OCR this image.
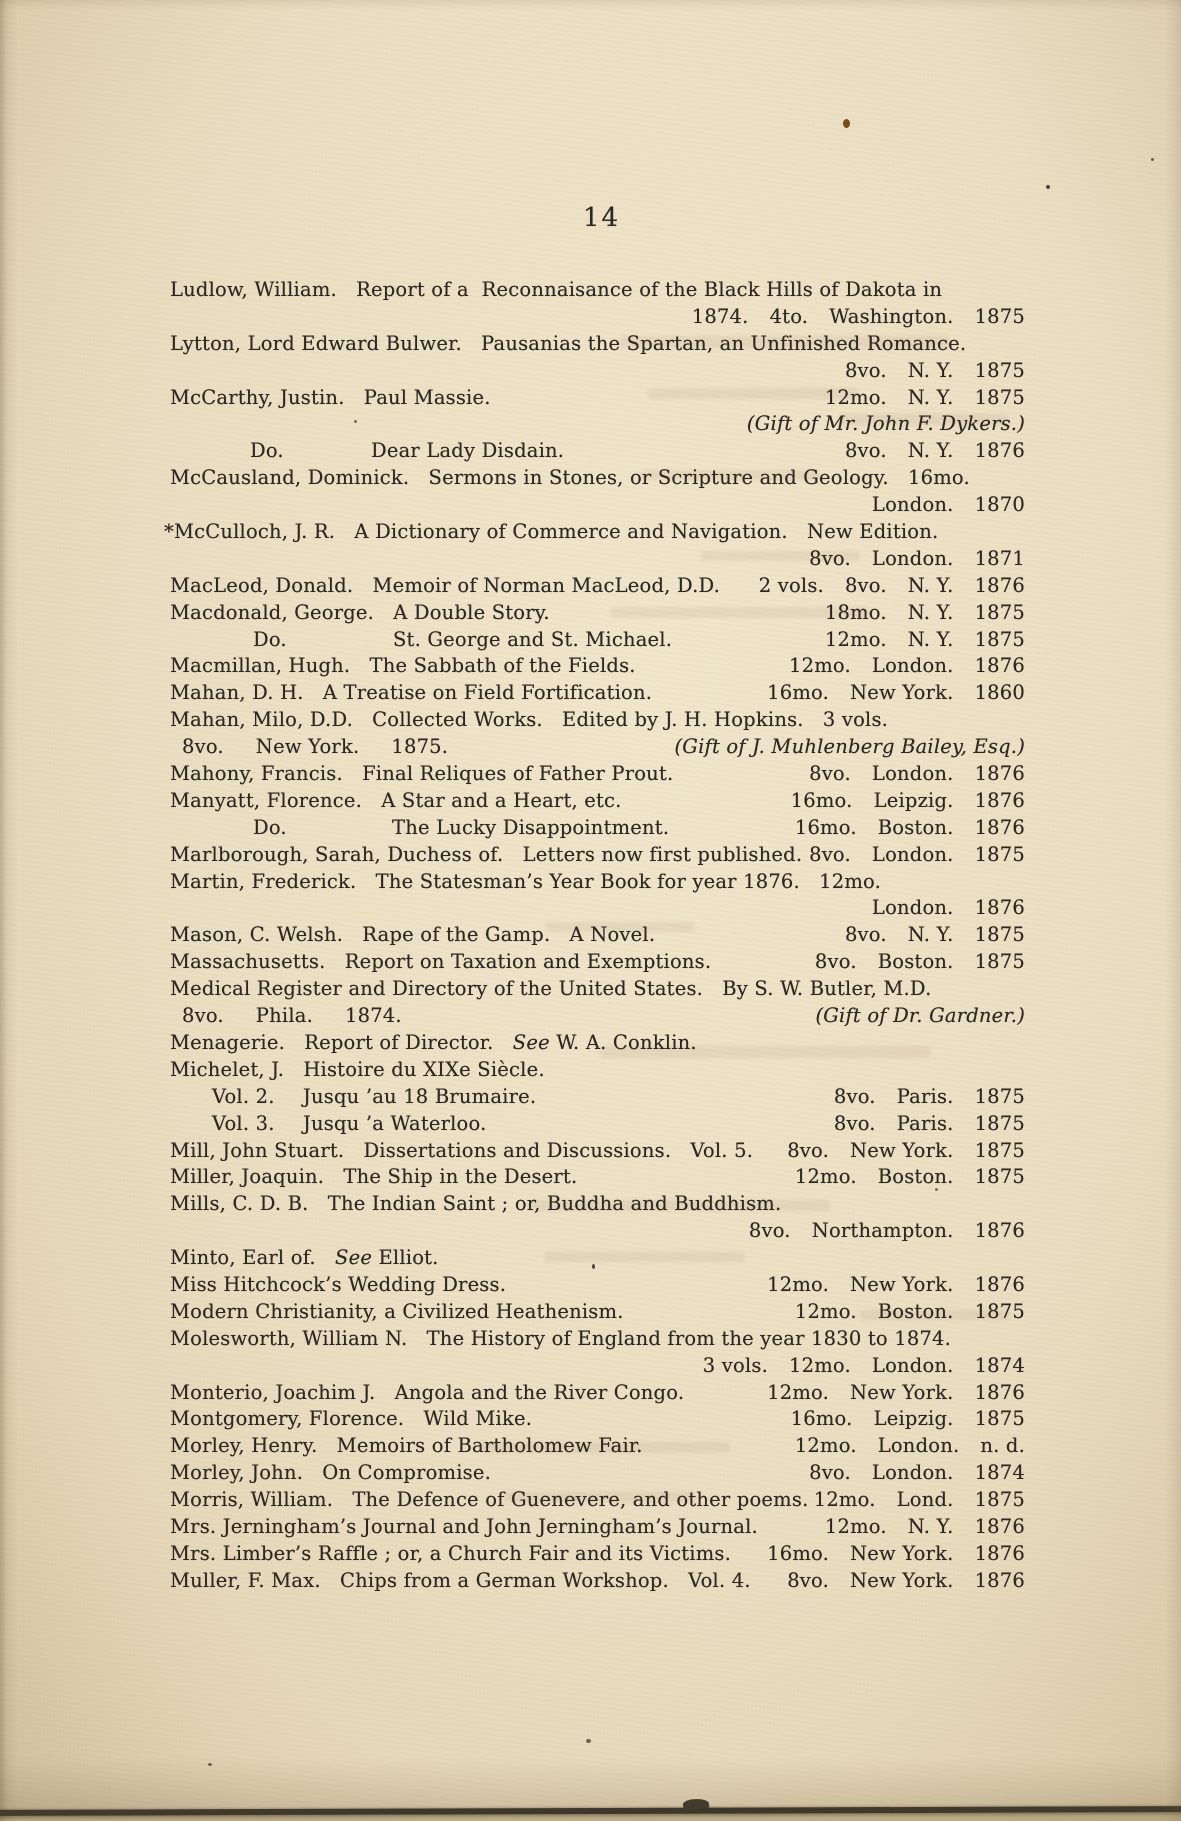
14
Ludlow, William.   Report of a  Reconnaisance of the Black Hills of Dakota in
1874. 4to. Washington. 1875
Lytton, Lord Edward Bulwer.   Pausanias the Spartan, an Unfinished Romance.
8vo. N. Y. 1875
McCarthy, Justin.   Paul Massie.	12mo. N. Y. 1875
(Gift of Mr. John F. Dykers.)
Do.	Dear Lady Disdain.	8vo. N. Y. 1876
McCausland, Dominick.   Sermons in Stones, or Scripture and Geology.   16mo.
London. 1870
*McCulloch, J. R.   A Dictionary of Commerce and Navigation.   New Edition.
8vo. London. 1871
MacLeod, Donald.   Memoir of Norman MacLeod, D.D. 2 vols. 8vo. N. Y. 1876
Macdonald, George.   A Double Story.	18mo. N. Y. 1875
Do.	St. George and St. Michael.	12mo. N. Y. 1875
Macmillan, Hugh.   The Sabbath of the Fields.	12mo. London. 1876
Mahan, D. H.   A Treatise on Field Fortification.	16mo. New York. 1860
Mahan, Milo, D.D.   Collected Works.   Edited by J. H. Hopkins.   3 vols.
8vo.     New York.     1875.	(Gift of J. Muhlenberg Bailey, Esq.)
Mahony, Francis.   Final Reliques of Father Prout.	8vo. London. 1876
Manyatt, Florence.   A Star and a Heart, etc.	16mo. Leipzig. 1876
Do.	The Lucky Disappointment.	16mo. Boston. 1876
Marlborough, Sarah, Duchess of.   Letters now first published. 8vo. London. 1875
Martin, Frederick.   The Statesman’s Year Book for year 1876.   12mo.
London. 1876
Mason, C. Welsh.   Rape of the Gamp.   A Novel.	8vo. N. Y. 1875
Massachusetts.   Report on Taxation and Exemptions.	8vo. Boston. 1875
Medical Register and Directory of the United States.   By S. W. Butler, M.D.
8vo.     Phila.     1874.	(Gift of Dr. Gardner.)
Menagerie.   Report of Director.   See W. A. Conklin.
Michelet, J.   Histoire du XIXe Siècle.
Vol. 2. Jusqu ’au 18 Brumaire.	8vo. Paris. 1875
Vol. 3. Jusqu ’a Waterloo.	8vo. Paris. 1875
Mill, John Stuart.   Dissertations and Discussions.   Vol. 5. 8vo. New York. 1875
Miller, Joaquin.   The Ship in the Desert.	12mo. Boston. 1875
Mills, C. D. B.   The Indian Saint ; or, Buddha and Buddhism.
8vo. Northampton. 1876
Minto, Earl of.   See Elliot.
Miss Hitchcock’s Wedding Dress.	12mo. New York. 1876
Modern Christianity, a Civilized Heathenism.	12mo. Boston. 1875
Molesworth, William N.   The History of England from the year 1830 to 1874.
3 vols. 12mo. London. 1874
Monterio, Joachim J.   Angola and the River Congo.	12mo. New York. 1876
Montgomery, Florence.   Wild Mike.	16mo. Leipzig. 1875
Morley, Henry.   Memoirs of Bartholomew Fair.	12mo. London. n. d.
Morley, John.   On Compromise.	8vo. London. 1874
Morris, William.   The Defence of Guenevere, and other poems. 12mo. Lond. 1875
Mrs. Jerningham’s Journal and John Jerningham’s Journal.	12mo. N. Y. 1876
Mrs. Limber’s Raffle ; or, a Church Fair and its Victims. 16mo. New York. 1876
Muller, F. Max.   Chips from a German Workshop.   Vol. 4. 8vo. New York. 1876
